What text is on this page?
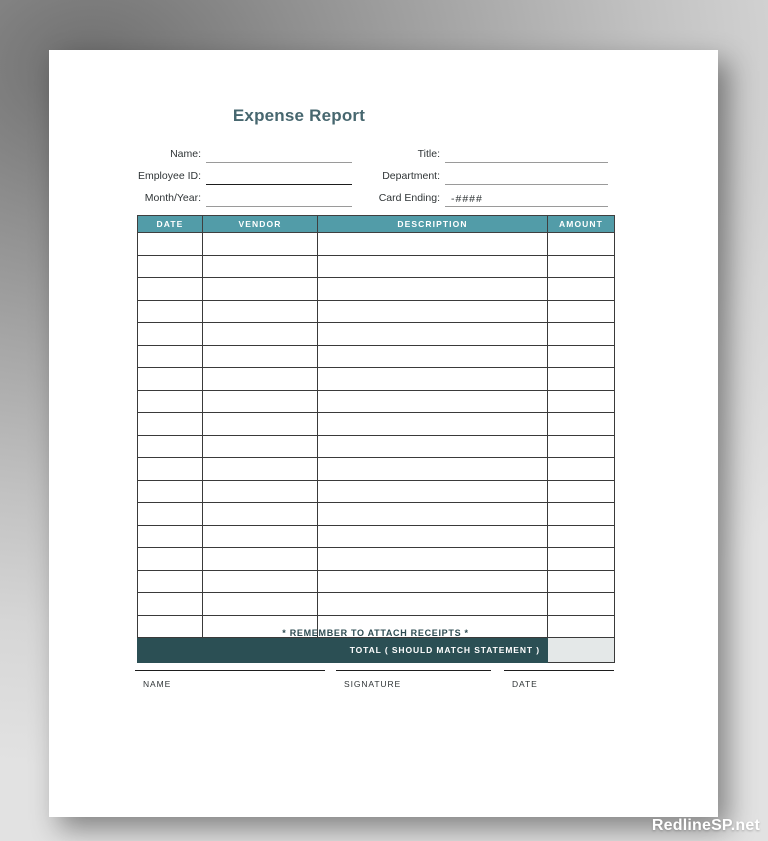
Expense Report
Name:
Employee ID:
Month/Year:
Title:
Department:
Card Ending: -####
DATE	VENDOR	DESCRIPTION	AMOUNT

TOTAL ( SHOULD MATCH STATEMENT )			
* REMEMBER TO ATTACH RECEIPTS *
NAME	SIGNATURE	DATE
RedlineSP.net
